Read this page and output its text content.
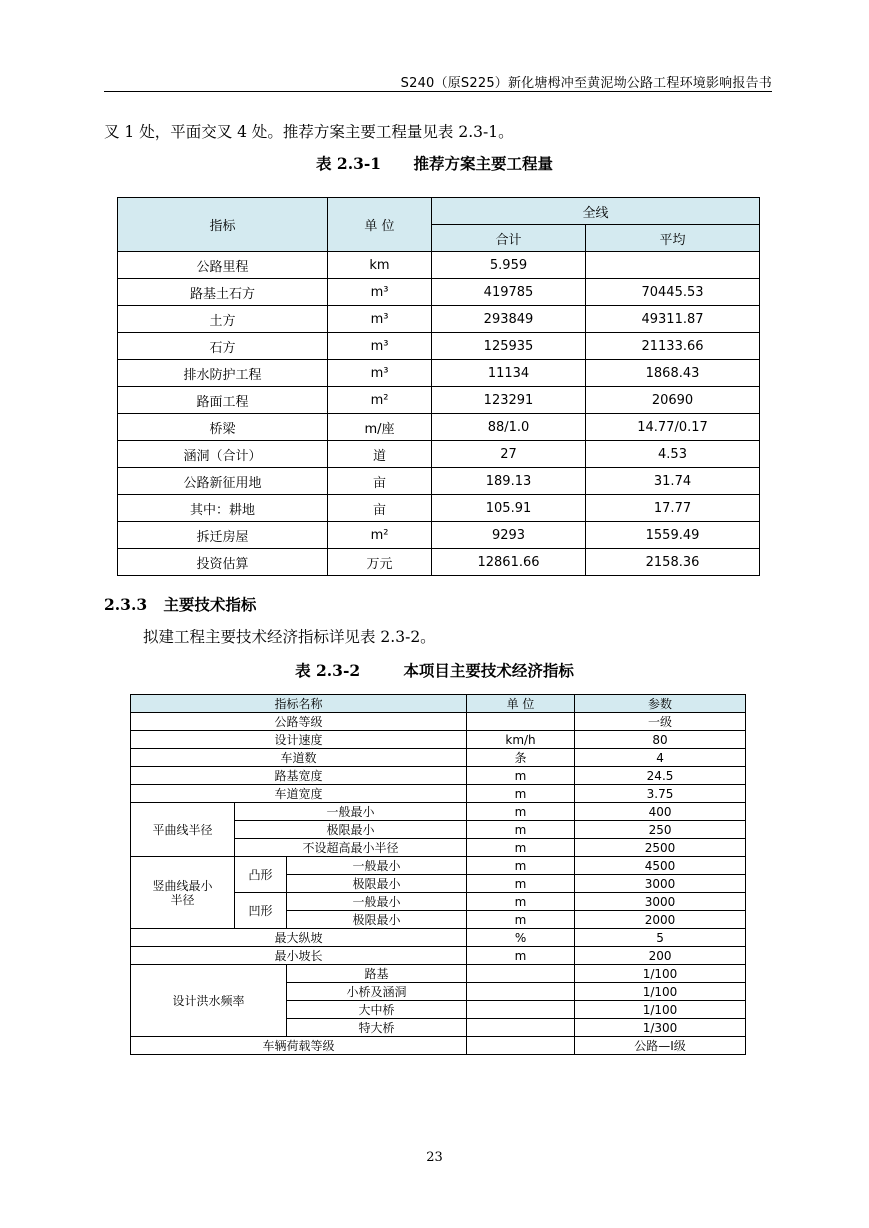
S240（原S225）新化塘栂冲至黄泥坳公路工程环境影响报告书
叉 1 处，平面交叉 4 处。推荐方案主要工程量见表 2.3-1。
表 2.3-1      推荐方案主要工程量
指标	单 位	全线	
		合计	平均
公路里程	km	5.959	
路基土石方	m³	419785	70445.53
土方	m³	293849	49311.87
石方	m³	125935	21133.66
排水防护工程	m³	11134	1868.43
路面工程	m²	123291	20690
桥梁	m/座	88/1.0	14.77/0.17
涵洞（合计）	道	27	4.53
公路新征用地	亩	189.13	31.74
其中：耕地	亩	105.91	17.77
拆迁房屋	m²	9293	1559.49
投资估算	万元	12861.66	2158.36
2.3.3 主要技术指标
拟建工程主要技术经济指标详见表 2.3-2。
表 2.3-2        本项目主要技术经济指标
指标名称			单 位	参数
公路等级				一级
设计速度			km/h	80
车道数			条	4
路基宽度			m	24.5
车道宽度			m	3.75
平曲线半径	一般最小		m	400
	极限最小		m	250
	不设超高最小半径		m	2500
竖曲线最小半径	凸形	一般最小	m	4500
		极限最小	m	3000
	凹形	一般最小	m	3000
		极限最小	m	2000
最大纵坡			%	5
最小坡长			m	200
设计洪水频率		路基		1/100
		小桥及涵洞		1/100
		大中桥		1/100
		特大桥		1/300
车辆荷载等级				公路—Ⅰ级
23
